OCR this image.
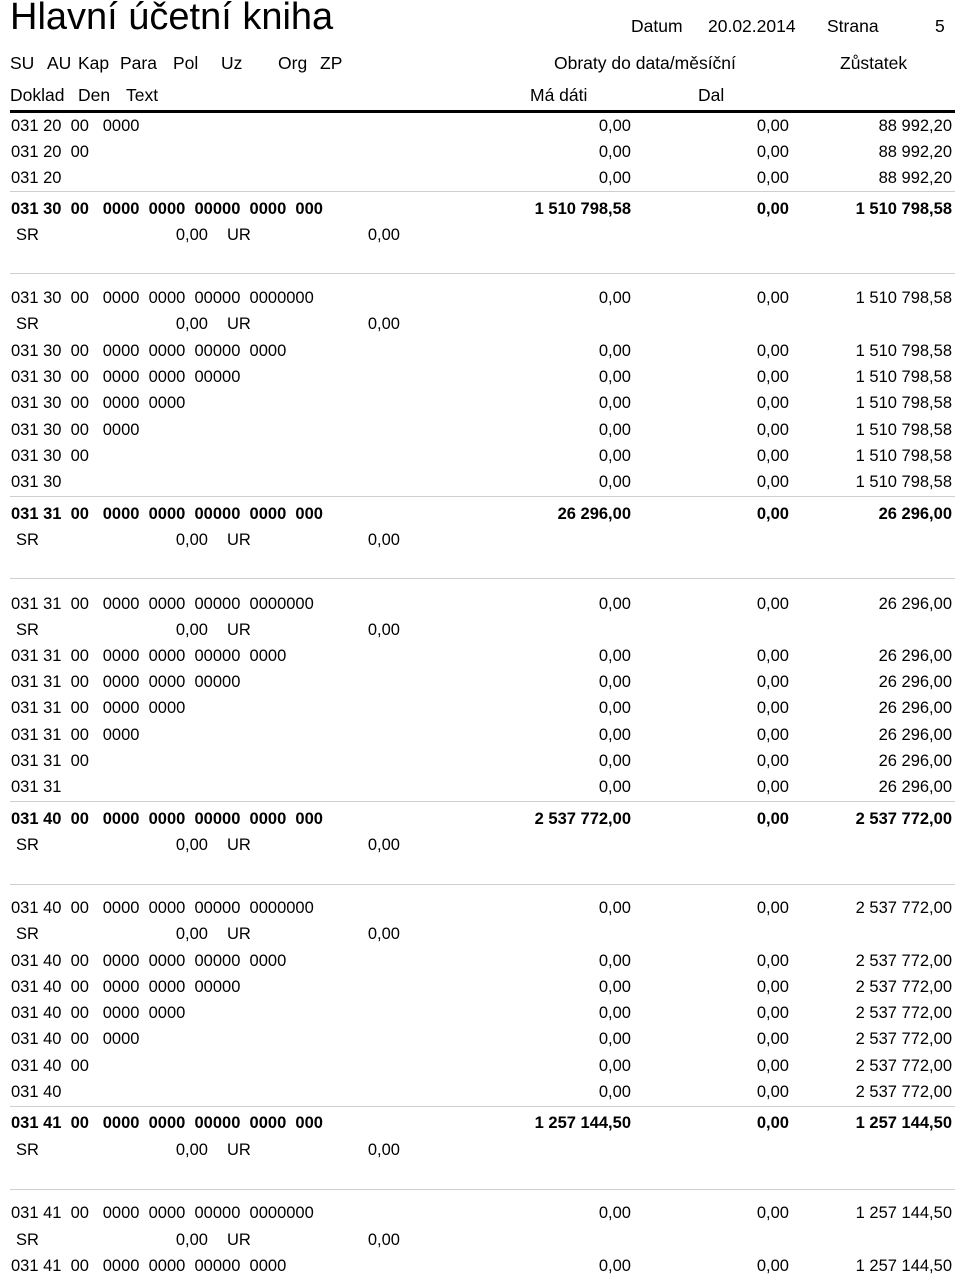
Hlavní účetní kniha	Datum 20.02.2014 Strana	5
SU AU Kap Para Pol Uz Org ZP	Obraty do data/měsíční	Zůstatek
Doklad Den Text	Má dáti	Dal
031 20  00   0000	0,00	0,00	88 992,20
031 20  00	0,00	0,00	88 992,20
031 20	0,00	0,00	88 992,20
031 30  00   0000  0000  00000  0000  000	1 510 798,58	0,00	1 510 798,58
SR	0,00 UR	0,00
031 30  00   0000  0000  00000  0000000	0,00	0,00	1 510 798,58
SR	0,00 UR	0,00
031 30  00   0000  0000  00000  0000	0,00	0,00	1 510 798,58
031 30  00   0000  0000  00000	0,00	0,00	1 510 798,58
031 30  00   0000  0000	0,00	0,00	1 510 798,58
031 30  00   0000	0,00	0,00	1 510 798,58
031 30  00	0,00	0,00	1 510 798,58
031 30	0,00	0,00	1 510 798,58
031 31  00   0000  0000  00000  0000  000	26 296,00	0,00	26 296,00
SR	0,00 UR	0,00
031 31  00   0000  0000  00000  0000000	0,00	0,00	26 296,00
SR	0,00 UR	0,00
031 31  00   0000  0000  00000  0000	0,00	0,00	26 296,00
031 31  00   0000  0000  00000	0,00	0,00	26 296,00
031 31  00   0000  0000	0,00	0,00	26 296,00
031 31  00   0000	0,00	0,00	26 296,00
031 31  00	0,00	0,00	26 296,00
031 31	0,00	0,00	26 296,00
031 40  00   0000  0000  00000  0000  000	2 537 772,00	0,00	2 537 772,00
SR	0,00 UR	0,00
031 40  00   0000  0000  00000  0000000	0,00	0,00	2 537 772,00
SR	0,00 UR	0,00
031 40  00   0000  0000  00000  0000	0,00	0,00	2 537 772,00
031 40  00   0000  0000  00000	0,00	0,00	2 537 772,00
031 40  00   0000  0000	0,00	0,00	2 537 772,00
031 40  00   0000	0,00	0,00	2 537 772,00
031 40  00	0,00	0,00	2 537 772,00
031 40	0,00	0,00	2 537 772,00
031 41  00   0000  0000  00000  0000  000	1 257 144,50	0,00	1 257 144,50
SR	0,00 UR	0,00
031 41  00   0000  0000  00000  0000000	0,00	0,00	1 257 144,50
SR	0,00 UR	0,00
031 41  00   0000  0000  00000  0000	0,00	0,00	1 257 144,50
